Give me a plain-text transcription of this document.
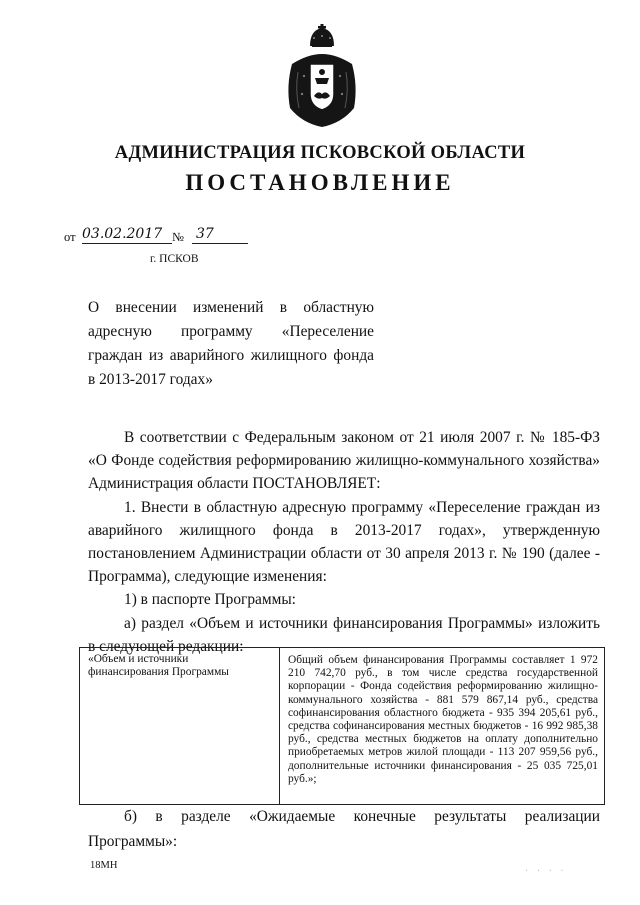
АДМИНИСТРАЦИЯ ПСКОВСКОЙ ОБЛАСТИ
ПОСТАНОВЛЕНИЕ
от 03.02.2017 № 37
г. ПСКОВ
О внесении изменений в областную адресную программу «Переселение граждан из аварийного жилищного фонда в 2013-2017 годах»

В соответствии с Федеральным законом от 21 июля 2007 г. № 185-ФЗ «О Фонде содействия реформированию жилищно-коммунального хозяйства» Администрация области ПОСТАНОВЛЯЕТ:

1. Внести в областную адресную программу «Переселение граждан из аварийного жилищного фонда в 2013-2017 годах», утвержденную постановлением Администрации области от 30 апреля 2013 г. № 190 (далее - Программа), следующие изменения:

1) в паспорте Программы:

а) раздел «Объем и источники финансирования Программы» изложить в следующей редакции:

«Объем и источники финансирования Программы
Общий объем финансирования Программы составляет 1 972 210 742,70 руб., в том числе средства государственной корпорации - Фонда содействия реформированию жилищно-коммунального хозяйства - 881 579 867,14 руб., средства софинансирования областного бюджета - 935 394 205,61 руб., средства софинансирования местных бюджетов - 16 992 985,38 руб., средства местных бюджетов на оплату дополнительно приобретаемых метров жилой площади - 113 207 959,56 руб., дополнительные источники финансирования - 25 035 725,01 руб.»;

б) в разделе «Ожидаемые конечные результаты реализации Программы»:

18МН
· · · ·
